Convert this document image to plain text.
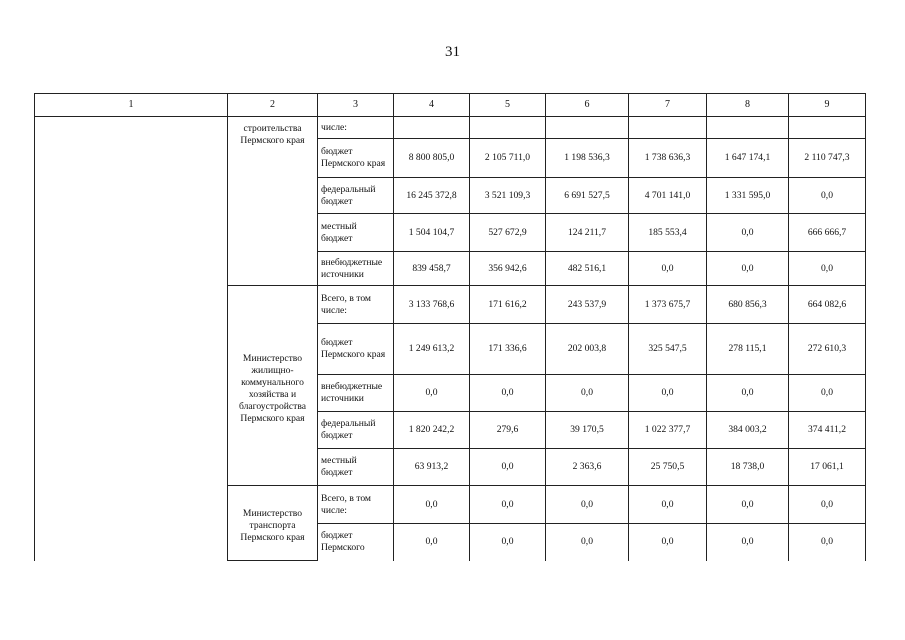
31
1	2	3	4	5	6	7	8	9
	строительства Пермского края	числе:						
		бюджет Пермского края	8 800 805,0	2 105 711,0	1 198 536,3	1 738 636,3	1 647 174,1	2 110 747,3
		федеральный бюджет	16 245 372,8	3 521 109,3	6 691 527,5	4 701 141,0	1 331 595,0	0,0
		местный бюджет	1 504 104,7	527 672,9	124 211,7	185 553,4	0,0	666 666,7
		внебюджетные источники	839 458,7	356 942,6	482 516,1	0,0	0,0	0,0
	Министерство жилищно-коммунального хозяйства и благоустройства Пермского края	Всего, в том числе:	3 133 768,6	171 616,2	243 537,9	1 373 675,7	680 856,3	664 082,6
		бюджет Пермского края	1 249 613,2	171 336,6	202 003,8	325 547,5	278 115,1	272 610,3
		внебюджетные источники	0,0	0,0	0,0	0,0	0,0	0,0
		федеральный бюджет	1 820 242,2	279,6	39 170,5	1 022 377,7	384 003,2	374 411,2
		местный бюджет	63 913,2	0,0	2 363,6	25 750,5	18 738,0	17 061,1
	Министерство транспорта Пермского края	Всего, в том числе:	0,0	0,0	0,0	0,0	0,0	0,0
		бюджет Пермского	0,0	0,0	0,0	0,0	0,0	0,0
